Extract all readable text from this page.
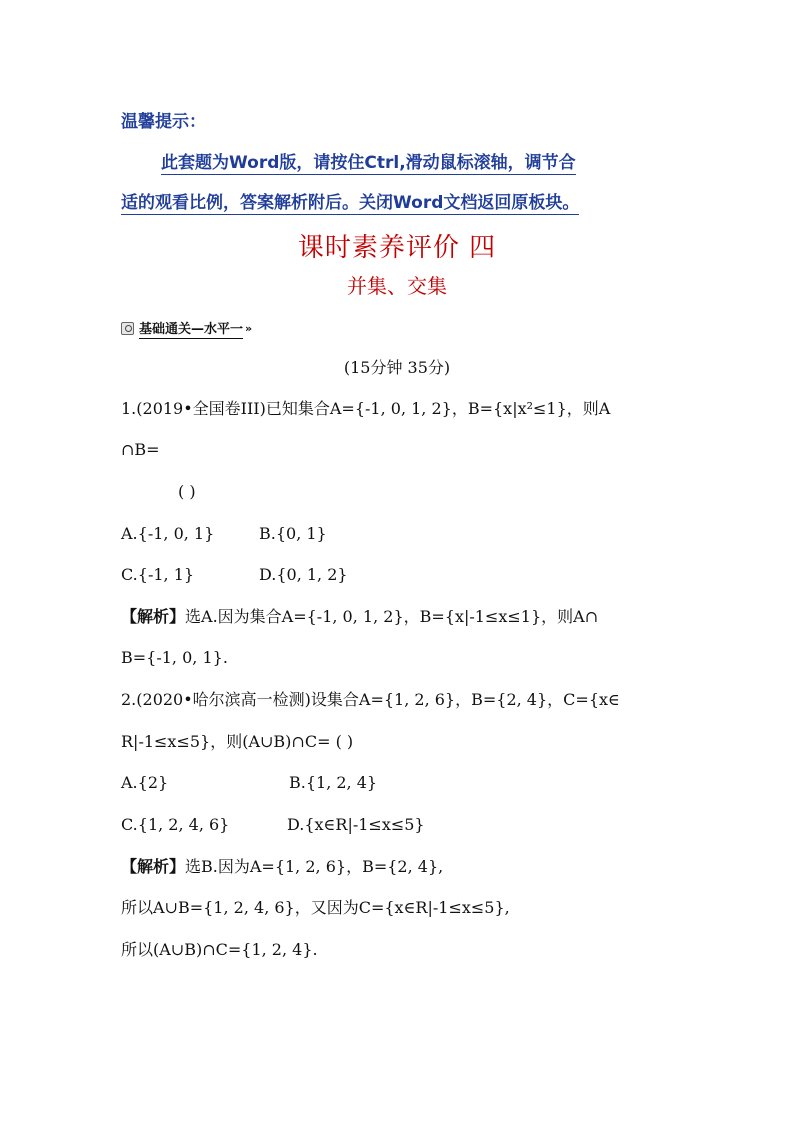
温馨提示：
此套题为Word版，请按住Ctrl,滑动鼠标滚轴，调节合
适的观看比例，答案解析附后。关闭Word文档返回原板块。
课时素养评价 四
并集、交集
基础通关—水平一 »
(15分钟 35分)
1.(2019•全国卷III)已知集合A={-1, 0, 1, 2}，B={x|x²≤1}，则A
∩B=
( )
A.{-1, 0, 1}	B.{0, 1}
C.{-1, 1}	D.{0, 1, 2}
【解析】选A.因为集合A={-1, 0, 1, 2}，B={x|-1≤x≤1}，则A∩
B={-1, 0, 1}.
2.(2020•哈尔滨高一检测)设集合A={1, 2, 6}，B={2, 4}，C={x∈
R|-1≤x≤5}，则(A∪B)∩C= ( )
A.{2}	B.{1, 2, 4}
C.{1, 2, 4, 6}	D.{x∈R|-1≤x≤5}
【解析】选B.因为A={1, 2, 6}，B={2, 4},
所以A∪B={1, 2, 4, 6}，又因为C={x∈R|-1≤x≤5},
所以(A∪B)∩C={1, 2, 4}.
